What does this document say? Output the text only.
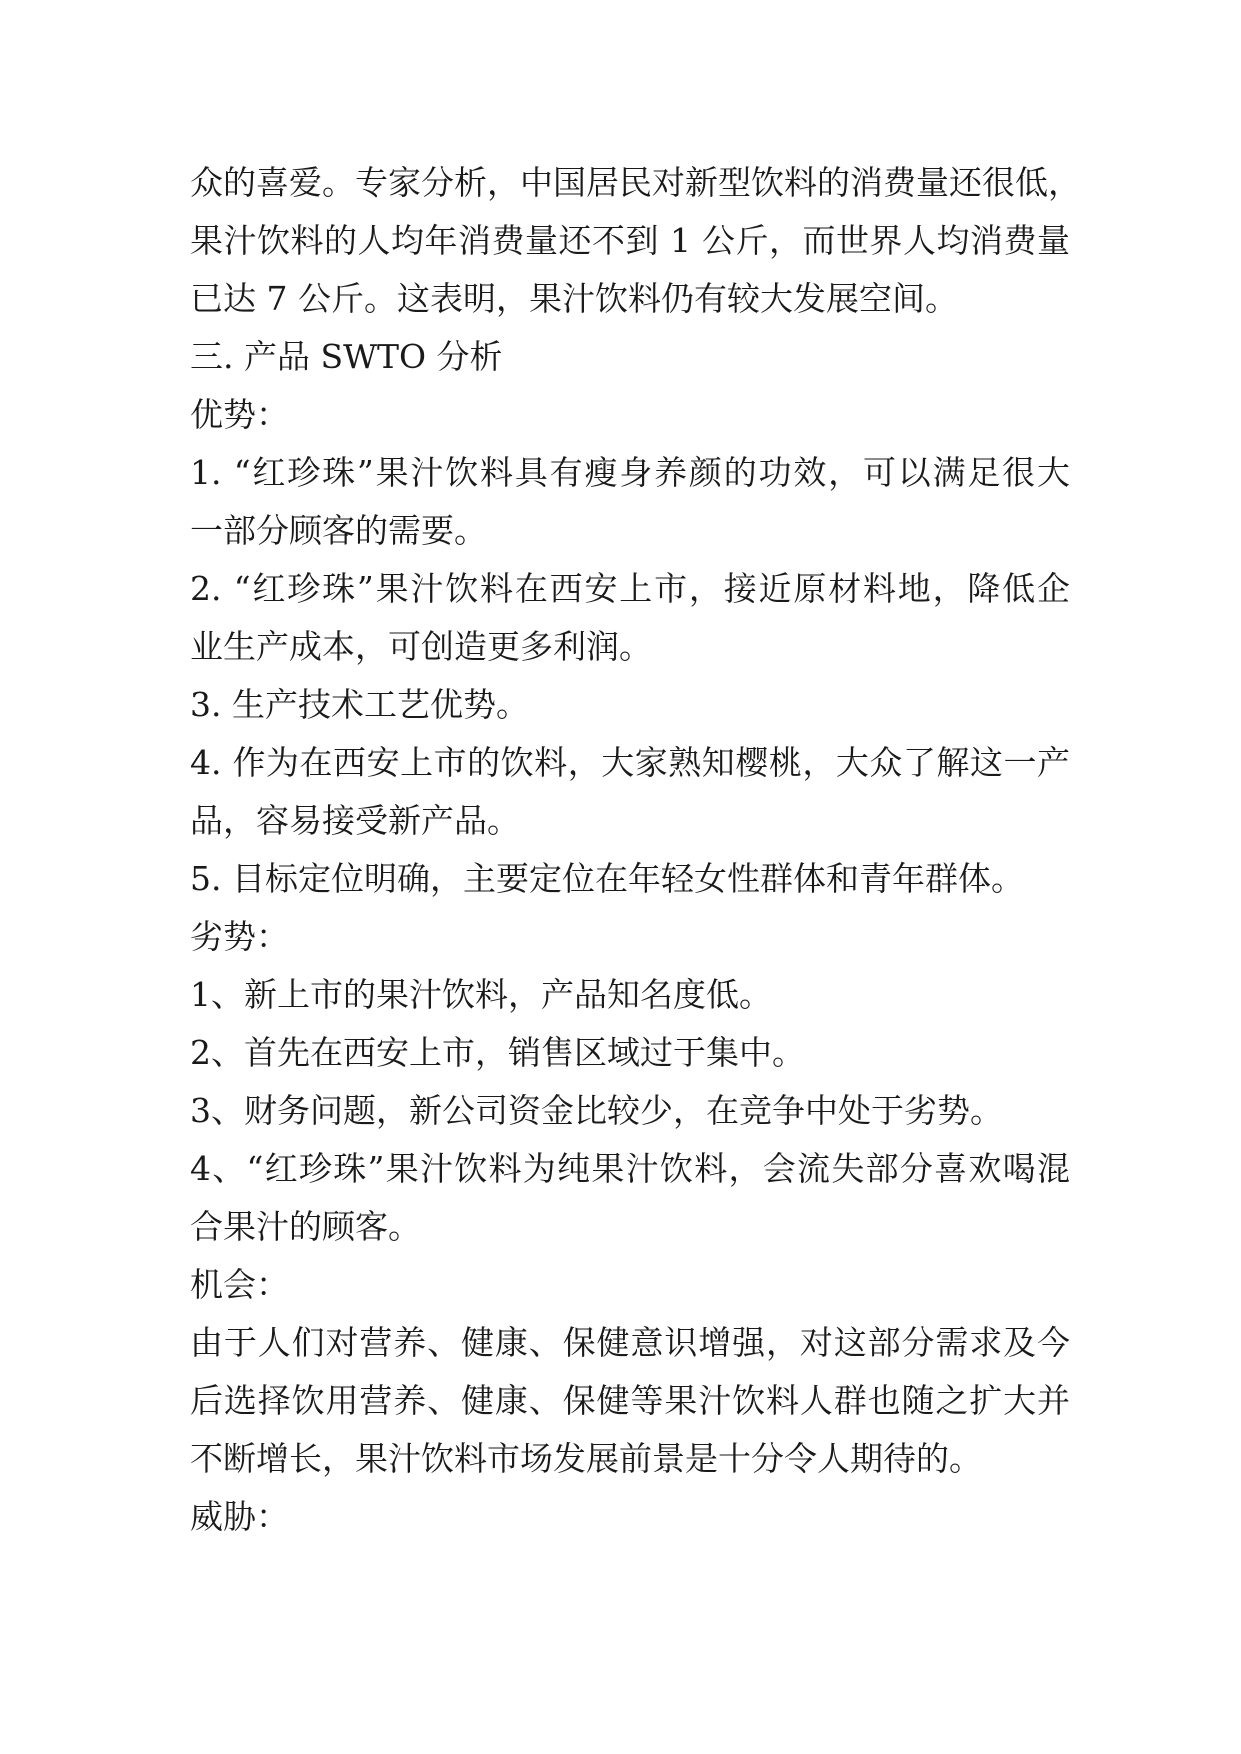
众的喜爱。专家分析，中国居民对新型饮料的消费量还很低，
果汁饮料的人均年消费量还不到 1 公斤，而世界人均消费量
已达 7 公斤。这表明，果汁饮料仍有较大发展空间。
三. 产品 SWTO 分析
优势：
1. “红珍珠”果汁饮料具有瘦身养颜的功效，可以满足很大
一部分顾客的需要。
2. “红珍珠”果汁饮料在西安上市，接近原材料地，降低企
业生产成本，可创造更多利润。
3. 生产技术工艺优势。
4. 作为在西安上市的饮料，大家熟知樱桃，大众了解这一产
品，容易接受新产品。
5. 目标定位明确，主要定位在年轻女性群体和青年群体。
劣势：
1、新上市的果汁饮料，产品知名度低。
2、首先在西安上市，销售区域过于集中。
3、财务问题，新公司资金比较少，在竞争中处于劣势。
4、“红珍珠”果汁饮料为纯果汁饮料，会流失部分喜欢喝混
合果汁的顾客。
机会：
由于人们对营养、健康、保健意识增强，对这部分需求及今
后选择饮用营养、健康、保健等果汁饮料人群也随之扩大并
不断增长，果汁饮料市场发展前景是十分令人期待的。
威胁：
